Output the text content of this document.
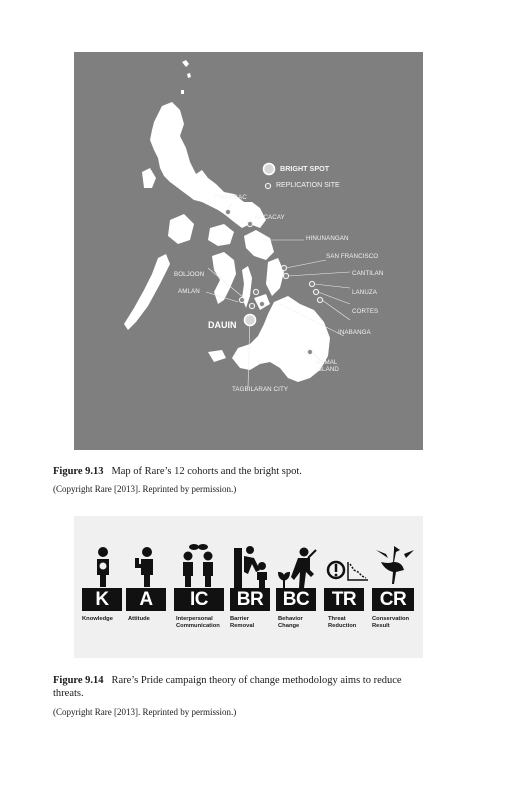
BRIGHT SPOT
REPLICATION SITE
TINAMBAC
BACACAY
HINUNANGAN
SAN FRANCISCO
CANTILAN
LANUZA
CORTES
INABANGA
SAMAL
ISLAND
TAGBILARAN CITY
BOLJOON
AMLAN
DAUIN
Figure 9.13 Map of Rare’s 12 cohorts and the bright spot.
(Copyright Rare [2013]. Reprinted by permission.)
K
Knowledge
A
Attitude
IC
Interpersonal
Communication
BR
Barrier
Removal
BC
Behavior
Change
TR
Threat
Reduction
CR
Conservation
Result
Figure 9.14 Rare’s Pride campaign theory of change methodology aims to reduce threats.
(Copyright Rare [2013]. Reprinted by permission.)
